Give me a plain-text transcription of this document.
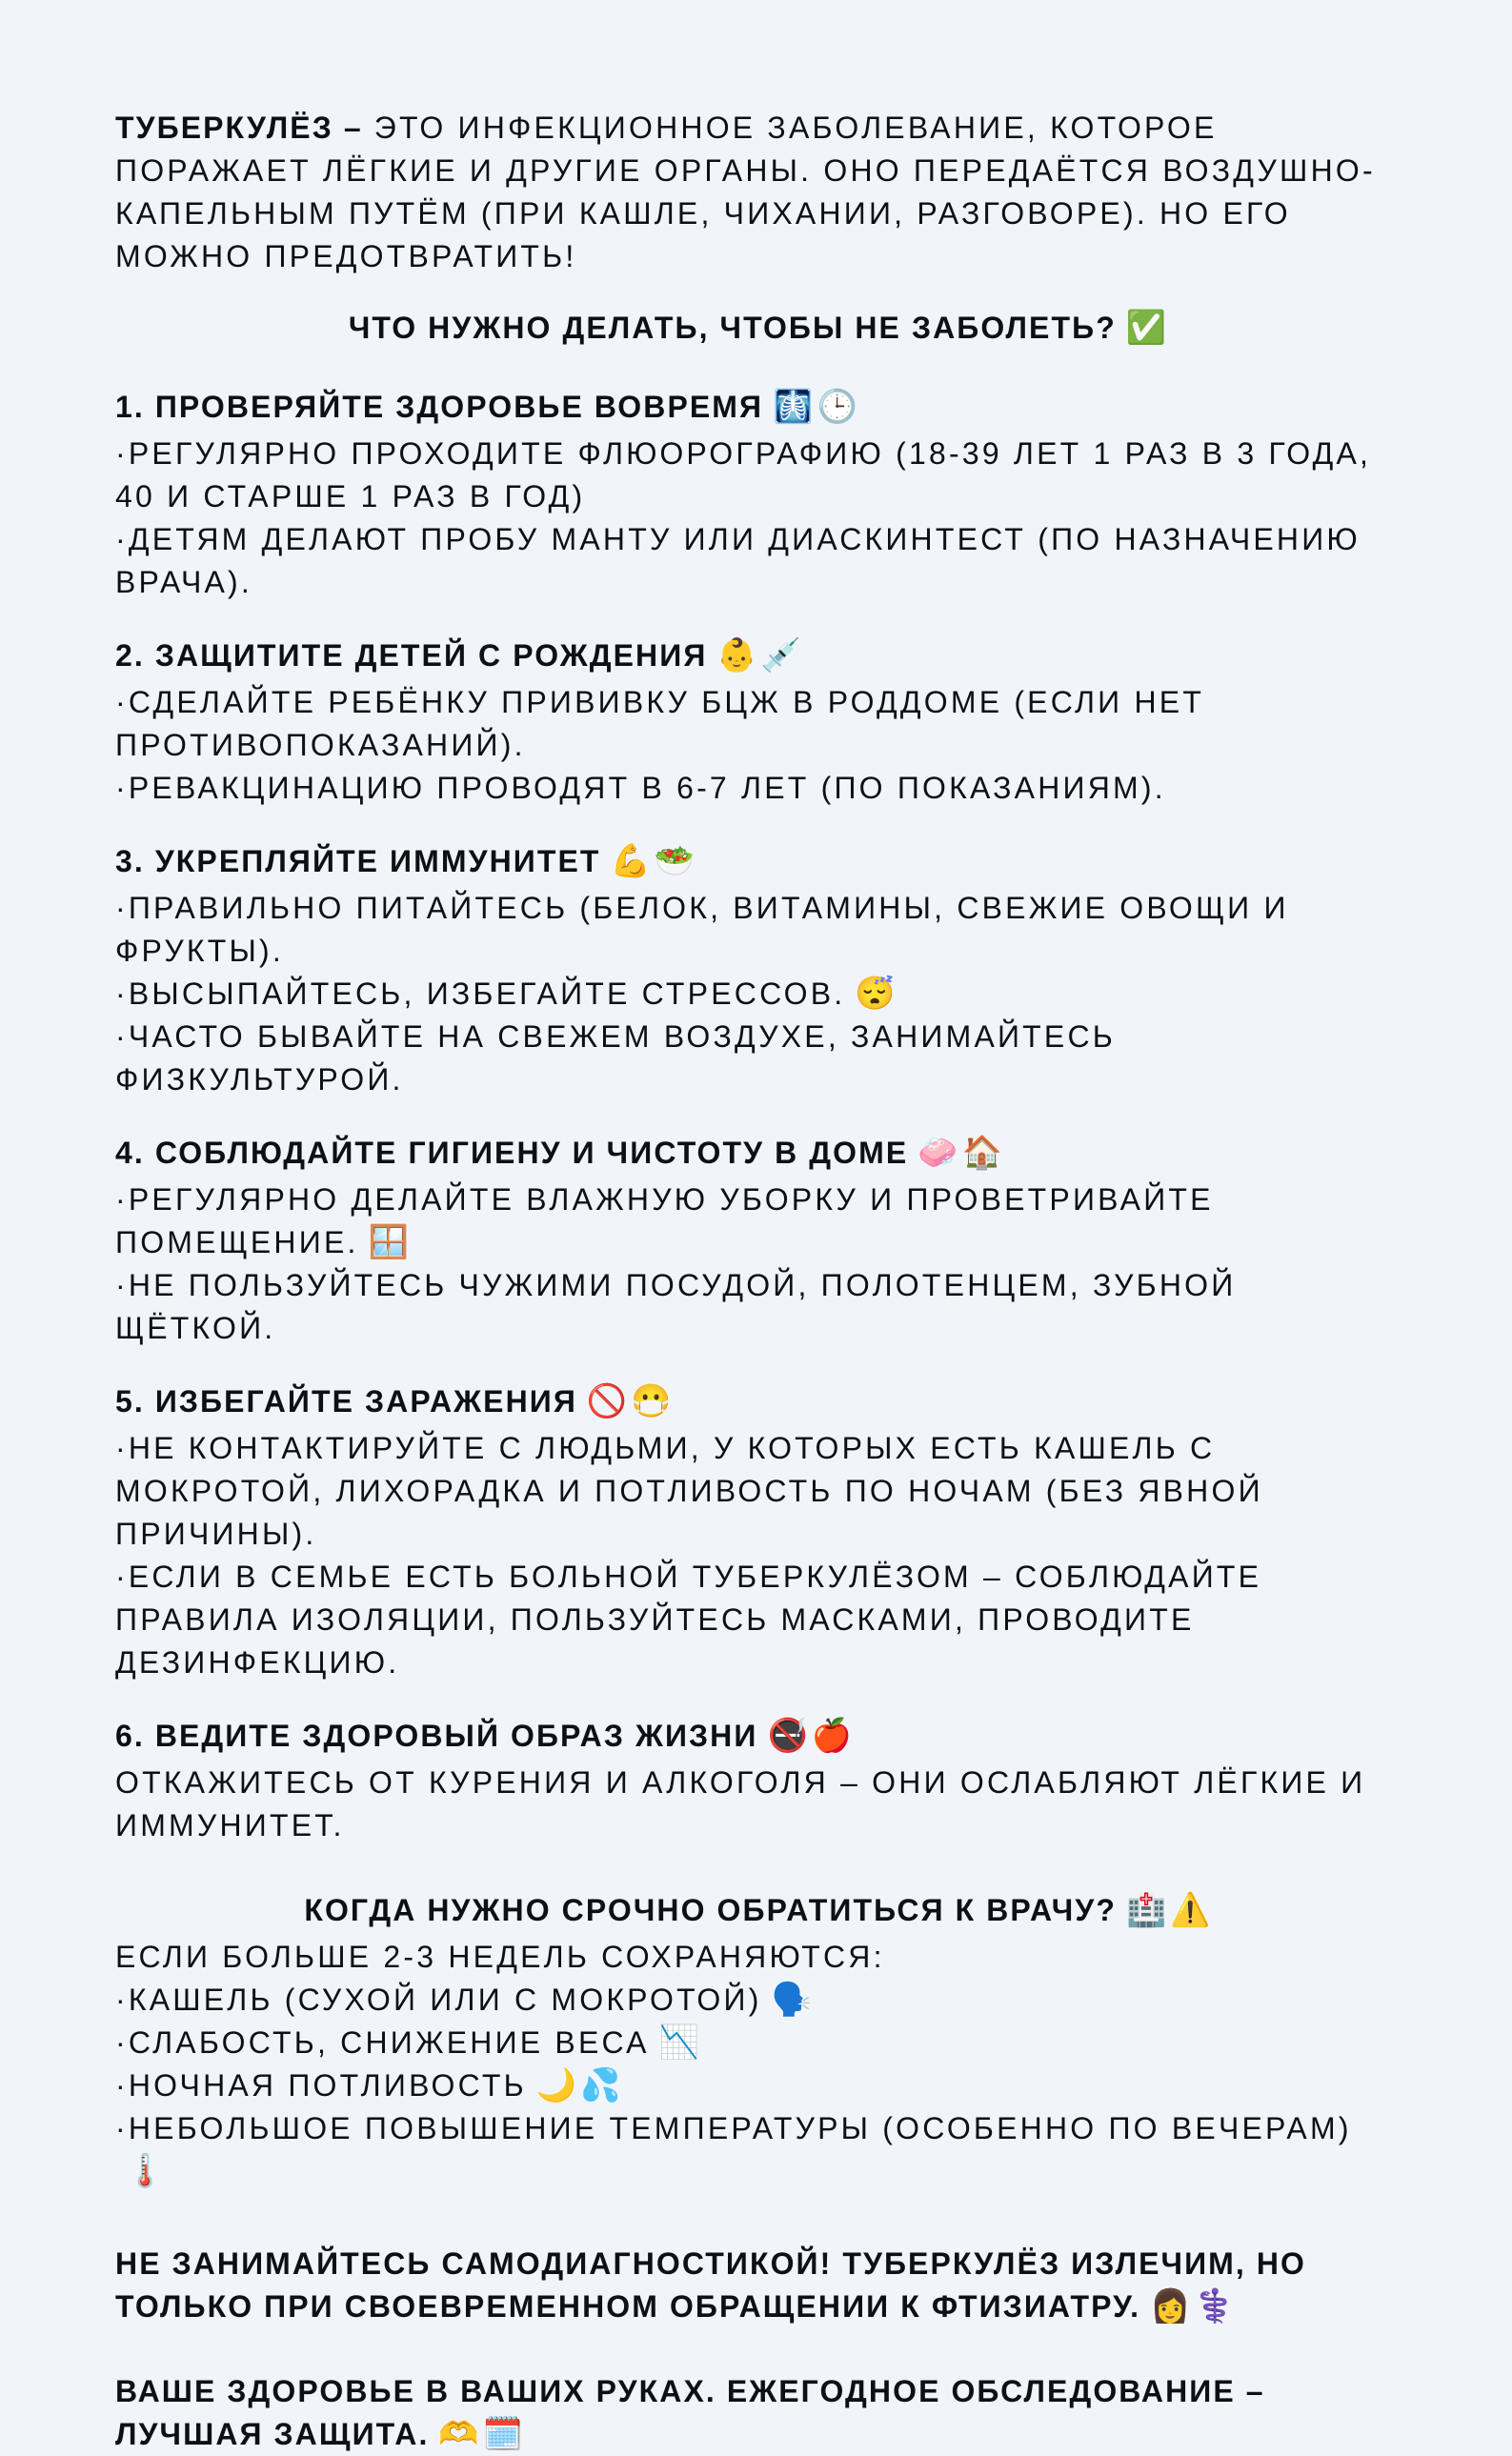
ТУБЕРКУЛЁЗ – ЭТО ИНФЕКЦИОННОЕ ЗАБОЛЕВАНИЕ, КОТОРОЕ ПОРАЖАЕТ ЛЁГКИЕ И ДРУГИЕ ОРГАНЫ. ОНО ПЕРЕДАЁТСЯ ВОЗДУШНО-КАПЕЛЬНЫМ ПУТЁМ (ПРИ КАШЛЕ, ЧИХАНИИ, РАЗГОВОРЕ). НО ЕГО МОЖНО ПРЕДОТВРАТИТЬ!

ЧТО НУЖНО ДЕЛАТЬ, ЧТОБЫ НЕ ЗАБОЛЕТЬ? ✅
1. ПРОВЕРЯЙТЕ ЗДОРОВЬЕ ВОВРЕМЯ 🩻 🕒

·РЕГУЛЯРНО ПРОХОДИТЕ ФЛЮОРОГРАФИЮ (18-39 ЛЕТ 1 РАЗ В 3 ГОДА, 40 И СТАРШЕ 1 РАЗ В ГОД)

·ДЕТЯМ ДЕЛАЮТ ПРОБУ МАНТУ ИЛИ ДИАСКИНТЕСТ (ПО НАЗНАЧЕНИЮ ВРАЧА).

2. ЗАЩИТИТЕ ДЕТЕЙ С РОЖДЕНИЯ 👶 💉

·СДЕЛАЙТЕ РЕБЁНКУ ПРИВИВКУ БЦЖ В РОДДОМЕ (ЕСЛИ НЕТ ПРОТИВОПОКАЗАНИЙ).

·РЕВАКЦИНАЦИЮ ПРОВОДЯТ В 6-7 ЛЕТ (ПО ПОКАЗАНИЯМ).

3. УКРЕПЛЯЙТЕ ИММУНИТЕТ 💪 🥗

·ПРАВИЛЬНО ПИТАЙТЕСЬ (БЕЛОК, ВИТАМИНЫ, СВЕЖИЕ ОВОЩИ И ФРУКТЫ).

·ВЫСЫПАЙТЕСЬ, ИЗБЕГАЙТЕ СТРЕССОВ. 😴

·ЧАСТО БЫВАЙТЕ НА СВЕЖЕМ ВОЗДУХЕ, ЗАНИМАЙТЕСЬ ФИЗКУЛЬТУРОЙ.

4. СОБЛЮДАЙТЕ ГИГИЕНУ И ЧИСТОТУ В ДОМЕ 🧼 🏠

·РЕГУЛЯРНО ДЕЛАЙТЕ ВЛАЖНУЮ УБОРКУ И ПРОВЕТРИВАЙТЕ ПОМЕЩЕНИЕ. 🪟

·НЕ ПОЛЬЗУЙТЕСЬ ЧУЖИМИ ПОСУДОЙ, ПОЛОТЕНЦЕМ, ЗУБНОЙ ЩЁТКОЙ.

5. ИЗБЕГАЙТЕ ЗАРАЖЕНИЯ 🚫 😷

·НЕ КОНТАКТИРУЙТЕ С ЛЮДЬМИ, У КОТОРЫХ ЕСТЬ КАШЕЛЬ С МОКРОТОЙ, ЛИХОРАДКА И ПОТЛИВОСТЬ ПО НОЧАМ (БЕЗ ЯВНОЙ ПРИЧИНЫ).

·ЕСЛИ В СЕМЬЕ ЕСТЬ БОЛЬНОЙ ТУБЕРКУЛЁЗОМ – СОБЛЮДАЙТЕ ПРАВИЛА ИЗОЛЯЦИИ, ПОЛЬЗУЙТЕСЬ МАСКАМИ, ПРОВОДИТЕ ДЕЗИНФЕКЦИЮ.

6. ВЕДИТЕ ЗДОРОВЫЙ ОБРАЗ ЖИЗНИ 🚭 🍎

ОТКАЖИТЕСЬ ОТ КУРЕНИЯ И АЛКОГОЛЯ – ОНИ ОСЛАБЛЯЮТ ЛЁГКИЕ И ИММУНИТЕТ.

КОГДА НУЖНО СРОЧНО ОБРАТИТЬСЯ К ВРАЧУ? 🏥 ⚠️

ЕСЛИ БОЛЬШЕ 2-3 НЕДЕЛЬ СОХРАНЯЮТСЯ:

·КАШЕЛЬ (СУХОЙ ИЛИ С МОКРОТОЙ) 🗣️

·СЛАБОСТЬ, СНИЖЕНИЕ ВЕСА 📉

·НОЧНАЯ ПОТЛИВОСТЬ 🌙 💦

·НЕБОЛЬШОЕ ПОВЫШЕНИЕ ТЕМПЕРАТУРЫ (ОСОБЕННО ПО ВЕЧЕРАМ)🌡️

НЕ ЗАНИМАЙТЕСЬ САМОДИАГНОСТИКОЙ! ТУБЕРКУЛЁЗ ИЗЛЕЧИМ, НО ТОЛЬКО ПРИ СВОЕВРЕМЕННОМ ОБРАЩЕНИИ К ФТИЗИАТРУ. 👩 ⚕️

ВАШЕ ЗДОРОВЬЕ В ВАШИХ РУКАХ. ЕЖЕГОДНОЕ ОБСЛЕДОВАНИЕ – ЛУЧШАЯ ЗАЩИТА. 🫶 🗓️
